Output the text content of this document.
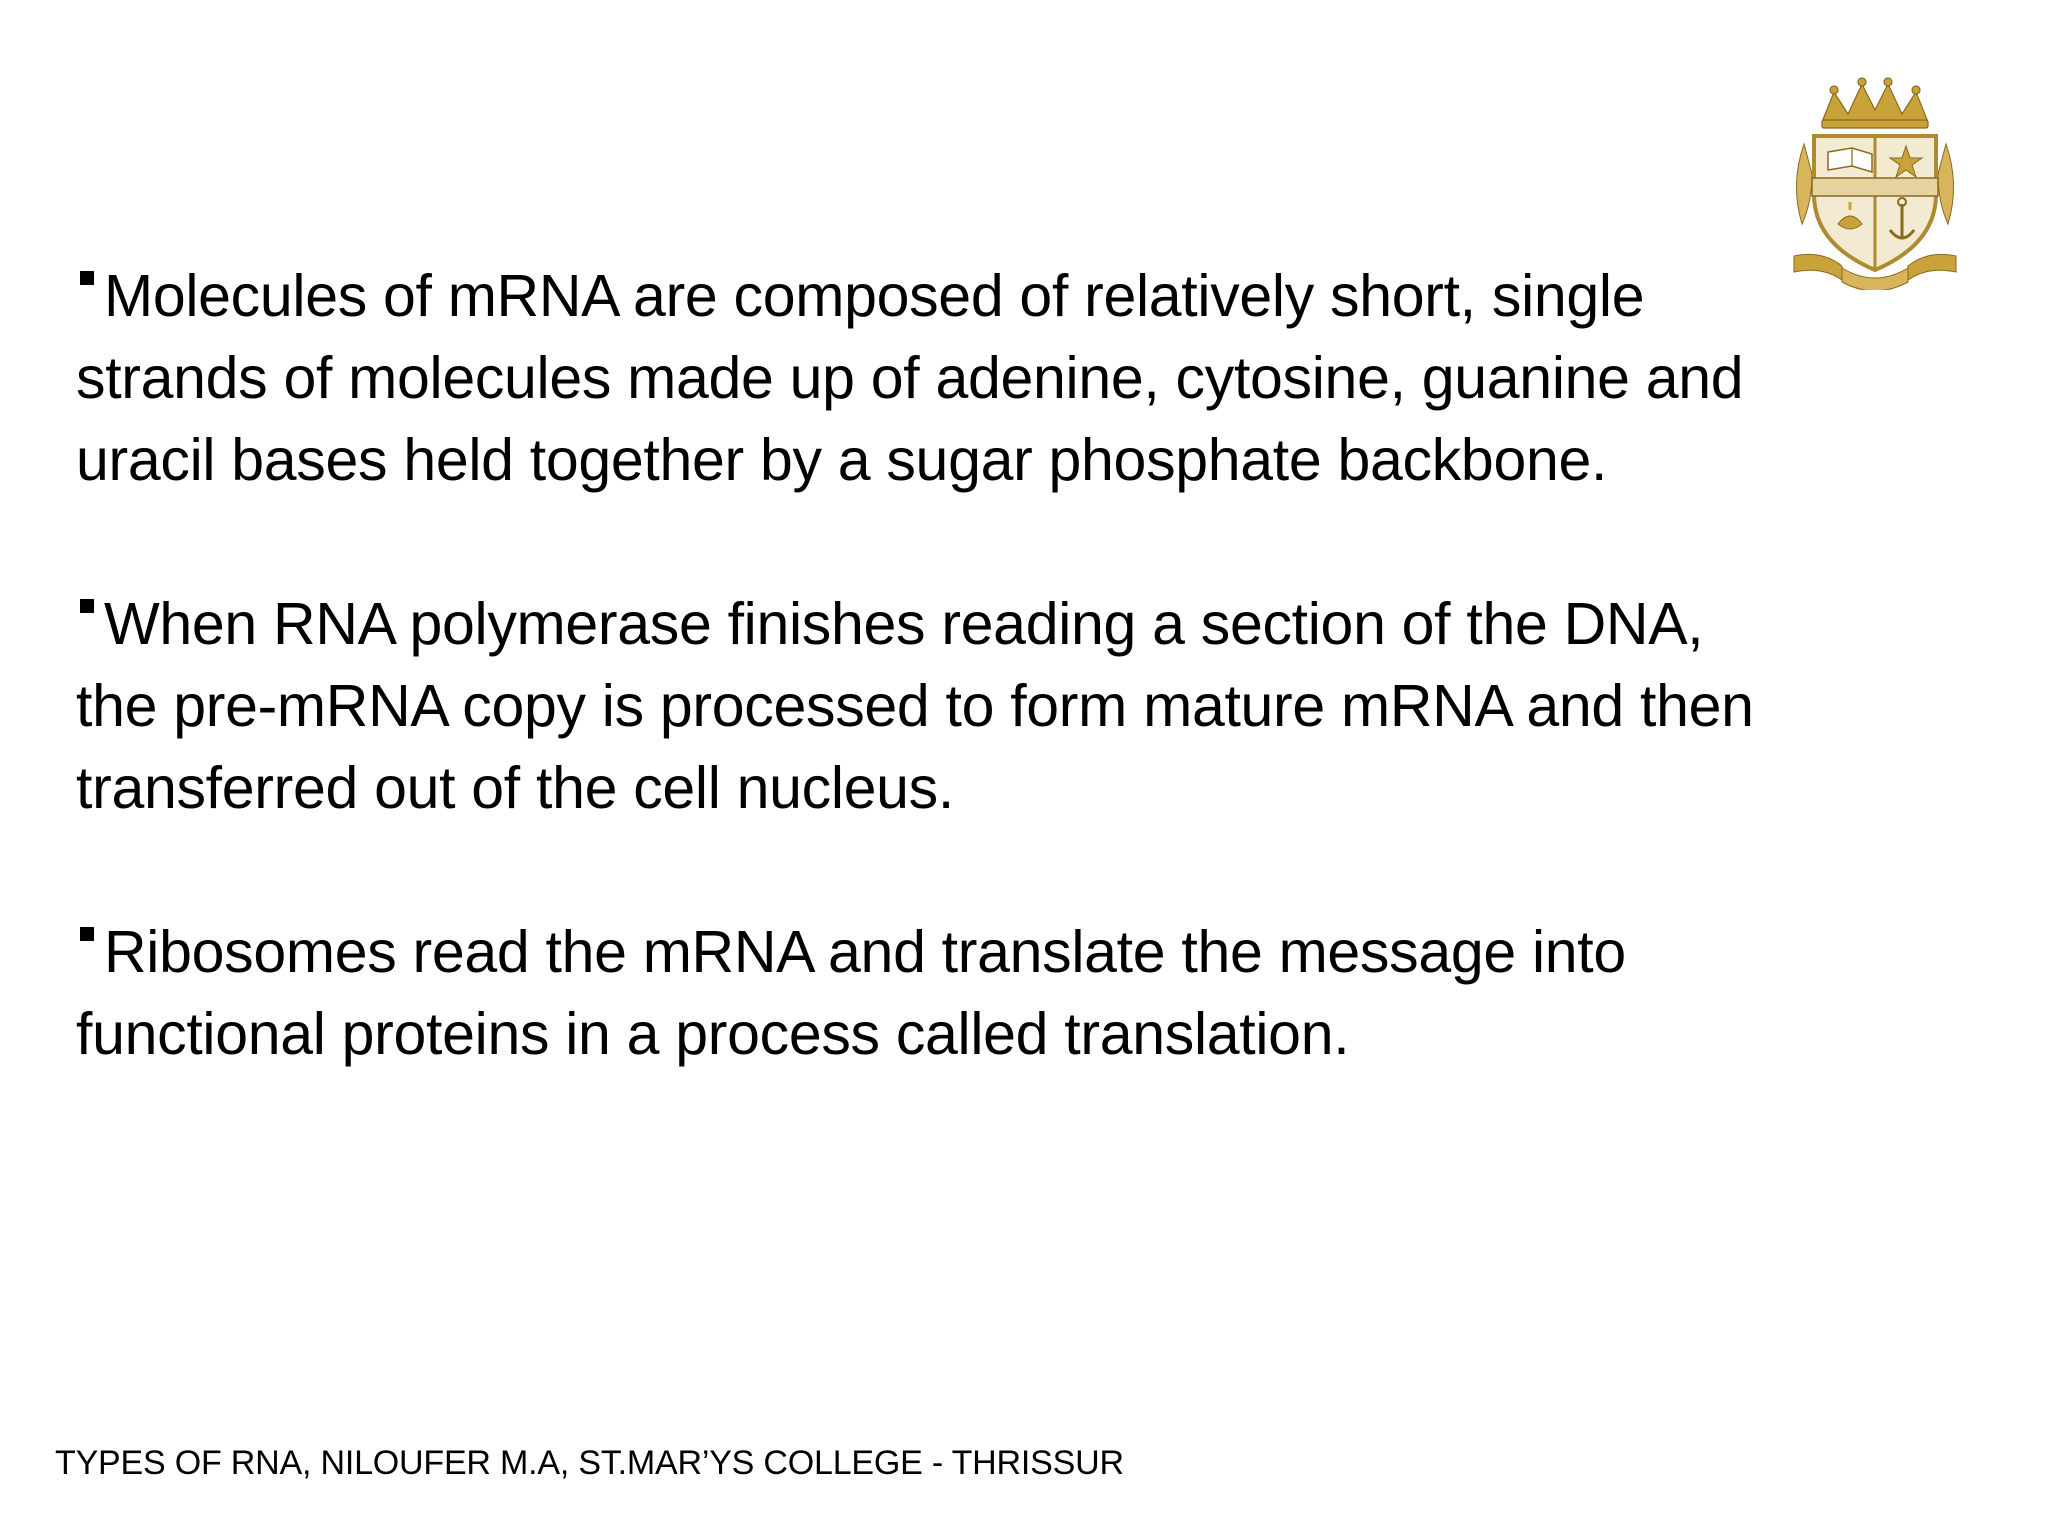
Molecules of mRNA are composed of relatively short, single strands of molecules made up of adenine, cytosine, guanine and uracil bases held together by a sugar phosphate backbone.

When RNA polymerase finishes reading a section of the DNA, the pre-mRNA copy is processed to form mature mRNA and then transferred out of the cell nucleus.

Ribosomes read the mRNA and translate the message into functional proteins in a process called translation.

TYPES OF RNA, NILOUFER M.A, ST.MAR’YS COLLEGE - THRISSUR
